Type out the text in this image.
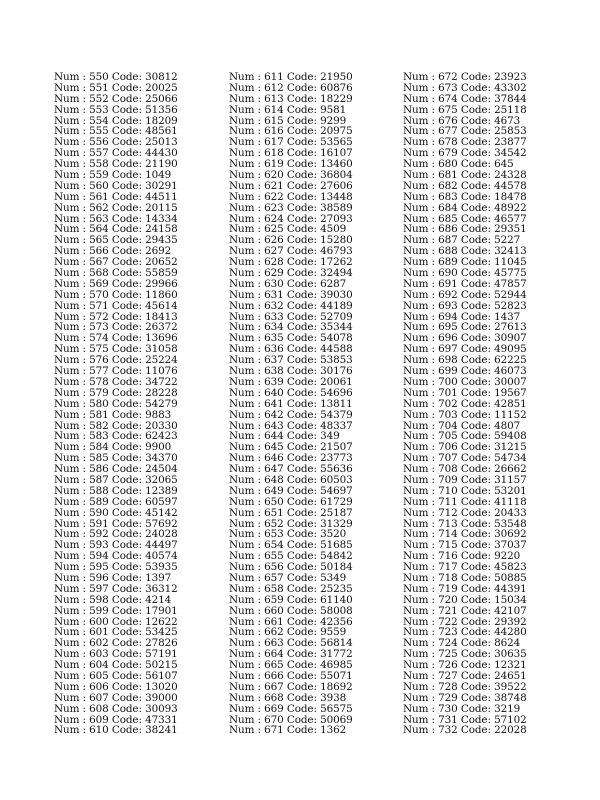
Num : 550 Code: 30812
Num : 551 Code: 20025
Num : 552 Code: 25066
Num : 553 Code: 51356
Num : 554 Code: 18209
Num : 555 Code: 48561
Num : 556 Code: 25013
Num : 557 Code: 44430
Num : 558 Code: 21190
Num : 559 Code: 1049
Num : 560 Code: 30291
Num : 561 Code: 44511
Num : 562 Code: 20115
Num : 563 Code: 14334
Num : 564 Code: 24158
Num : 565 Code: 29435
Num : 566 Code: 2692
Num : 567 Code: 20652
Num : 568 Code: 55859
Num : 569 Code: 29966
Num : 570 Code: 11860
Num : 571 Code: 45614
Num : 572 Code: 18413
Num : 573 Code: 26372
Num : 574 Code: 13696
Num : 575 Code: 31058
Num : 576 Code: 25224
Num : 577 Code: 11076
Num : 578 Code: 34722
Num : 579 Code: 28228
Num : 580 Code: 54279
Num : 581 Code: 9883
Num : 582 Code: 20330
Num : 583 Code: 62423
Num : 584 Code: 9900
Num : 585 Code: 34370
Num : 586 Code: 24504
Num : 587 Code: 32065
Num : 588 Code: 12389
Num : 589 Code: 60597
Num : 590 Code: 45142
Num : 591 Code: 57692
Num : 592 Code: 24028
Num : 593 Code: 44497
Num : 594 Code: 40574
Num : 595 Code: 53935
Num : 596 Code: 1397
Num : 597 Code: 36312
Num : 598 Code: 4214
Num : 599 Code: 17901
Num : 600 Code: 12622
Num : 601 Code: 53425
Num : 602 Code: 27826
Num : 603 Code: 57191
Num : 604 Code: 50215
Num : 605 Code: 56107
Num : 606 Code: 13020
Num : 607 Code: 39000
Num : 608 Code: 30093
Num : 609 Code: 47331
Num : 610 Code: 38241
Num : 611 Code: 21950
Num : 612 Code: 60876
Num : 613 Code: 18229
Num : 614 Code: 9581
Num : 615 Code: 9299
Num : 616 Code: 20975
Num : 617 Code: 53565
Num : 618 Code: 16107
Num : 619 Code: 13460
Num : 620 Code: 36804
Num : 621 Code: 27606
Num : 622 Code: 13448
Num : 623 Code: 38589
Num : 624 Code: 27093
Num : 625 Code: 4509
Num : 626 Code: 15280
Num : 627 Code: 46793
Num : 628 Code: 17262
Num : 629 Code: 32494
Num : 630 Code: 6287
Num : 631 Code: 39030
Num : 632 Code: 44189
Num : 633 Code: 52709
Num : 634 Code: 35344
Num : 635 Code: 54078
Num : 636 Code: 44588
Num : 637 Code: 53853
Num : 638 Code: 30176
Num : 639 Code: 20061
Num : 640 Code: 54696
Num : 641 Code: 13811
Num : 642 Code: 54379
Num : 643 Code: 48337
Num : 644 Code: 349
Num : 645 Code: 21507
Num : 646 Code: 23773
Num : 647 Code: 55636
Num : 648 Code: 60503
Num : 649 Code: 54697
Num : 650 Code: 61729
Num : 651 Code: 25187
Num : 652 Code: 31329
Num : 653 Code: 3520
Num : 654 Code: 51685
Num : 655 Code: 54842
Num : 656 Code: 50184
Num : 657 Code: 5349
Num : 658 Code: 25235
Num : 659 Code: 61140
Num : 660 Code: 58008
Num : 661 Code: 42356
Num : 662 Code: 9559
Num : 663 Code: 56814
Num : 664 Code: 31772
Num : 665 Code: 46985
Num : 666 Code: 55071
Num : 667 Code: 18692
Num : 668 Code: 3938
Num : 669 Code: 56575
Num : 670 Code: 50069
Num : 671 Code: 1362
Num : 672 Code: 23923
Num : 673 Code: 43302
Num : 674 Code: 37844
Num : 675 Code: 25118
Num : 676 Code: 4673
Num : 677 Code: 25853
Num : 678 Code: 23877
Num : 679 Code: 34542
Num : 680 Code: 645
Num : 681 Code: 24328
Num : 682 Code: 44578
Num : 683 Code: 18478
Num : 684 Code: 48922
Num : 685 Code: 46577
Num : 686 Code: 29351
Num : 687 Code: 5227
Num : 688 Code: 32413
Num : 689 Code: 11045
Num : 690 Code: 45775
Num : 691 Code: 47857
Num : 692 Code: 52944
Num : 693 Code: 52823
Num : 694 Code: 1437
Num : 695 Code: 27613
Num : 696 Code: 30907
Num : 697 Code: 49095
Num : 698 Code: 62225
Num : 699 Code: 46073
Num : 700 Code: 30007
Num : 701 Code: 19567
Num : 702 Code: 42851
Num : 703 Code: 11152
Num : 704 Code: 4807
Num : 705 Code: 59408
Num : 706 Code: 31215
Num : 707 Code: 54734
Num : 708 Code: 26662
Num : 709 Code: 31157
Num : 710 Code: 53201
Num : 711 Code: 41118
Num : 712 Code: 20433
Num : 713 Code: 53548
Num : 714 Code: 30692
Num : 715 Code: 37037
Num : 716 Code: 9220
Num : 717 Code: 45823
Num : 718 Code: 50885
Num : 719 Code: 44391
Num : 720 Code: 15034
Num : 721 Code: 42107
Num : 722 Code: 29392
Num : 723 Code: 44280
Num : 724 Code: 8624
Num : 725 Code: 30635
Num : 726 Code: 12321
Num : 727 Code: 24651
Num : 728 Code: 39522
Num : 729 Code: 38748
Num : 730 Code: 3219
Num : 731 Code: 57102
Num : 732 Code: 22028
